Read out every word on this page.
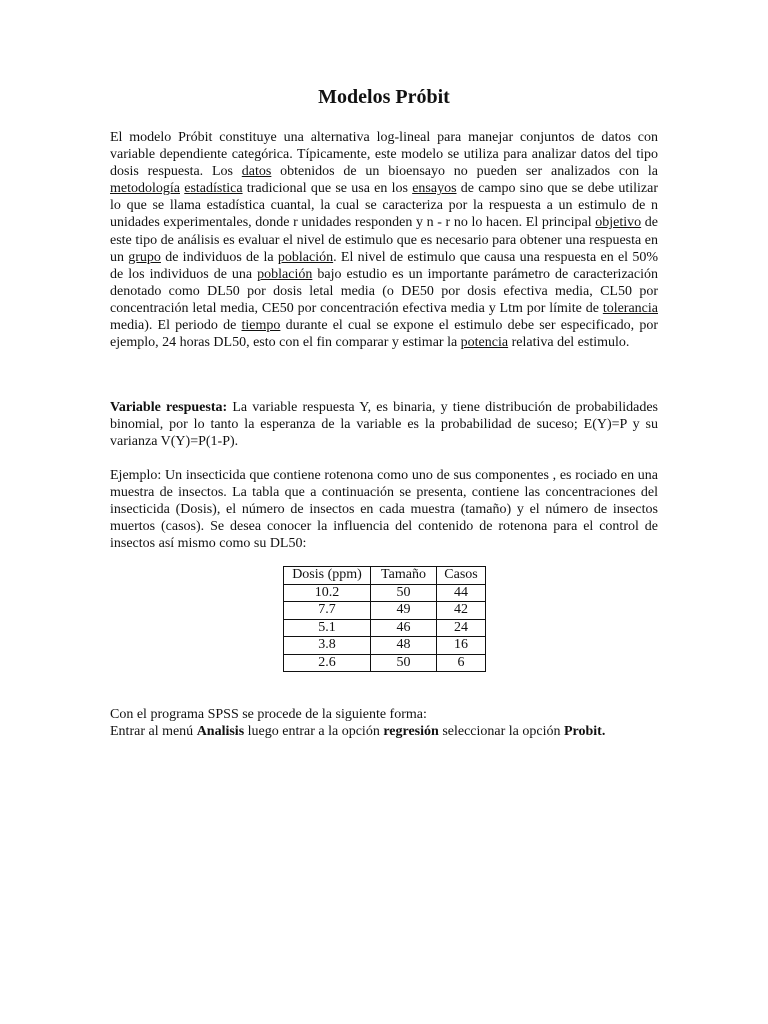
Modelos Próbit
El modelo Próbit constituye una alternativa log-lineal para manejar conjuntos de datos con variable dependiente categórica. Típicamente, este modelo se utiliza para analizar datos del tipo dosis respuesta. Los datos obtenidos de un bioensayo no pueden ser analizados con la metodología estadística tradicional que se usa en los ensayos de campo sino que se debe utilizar lo que se llama estadística cuantal, la cual se caracteriza por la respuesta a un estimulo de n unidades experimentales, donde r unidades responden y n - r no lo hacen. El principal objetivo de este tipo de análisis es evaluar el nivel de estimulo que es necesario para obtener una respuesta en un grupo de individuos de la población. El nivel de estimulo que causa una respuesta en el 50% de los individuos de una población bajo estudio es un importante parámetro de caracterización denotado como DL50 por dosis letal media (o DE50 por dosis efectiva media, CL50 por concentración letal media, CE50 por concentración efectiva media y Ltm por límite de tolerancia media). El periodo de tiempo durante el cual se expone el estimulo debe ser especificado, por ejemplo, 24 horas DL50, esto con el fin comparar y estimar la potencia relativa del estimulo.
Variable respuesta: La variable respuesta Y, es binaria, y tiene distribución de probabilidades binomial, por lo tanto la esperanza de la variable es la probabilidad de suceso; E(Y)=P y su varianza V(Y)=P(1-P).
Ejemplo: Un insecticida que contiene rotenona como uno de sus componentes , es rociado en una muestra de insectos. La tabla que a continuación se presenta, contiene las concentraciones del insecticida (Dosis), el número de insectos en cada muestra (tamaño) y el número de insectos muertos (casos). Se desea conocer la influencia del contenido de rotenona para el control de insectos así mismo como su DL50:
Dosis (ppm)	Tamaño	Casos
10.2	50	44
7.7	49	42
5.1	46	24
3.8	48	16
2.6	50	6
Con el programa SPSS se procede de la siguiente forma:
Entrar al menú Analisis luego entrar a la opción regresión seleccionar la opción Probit.
